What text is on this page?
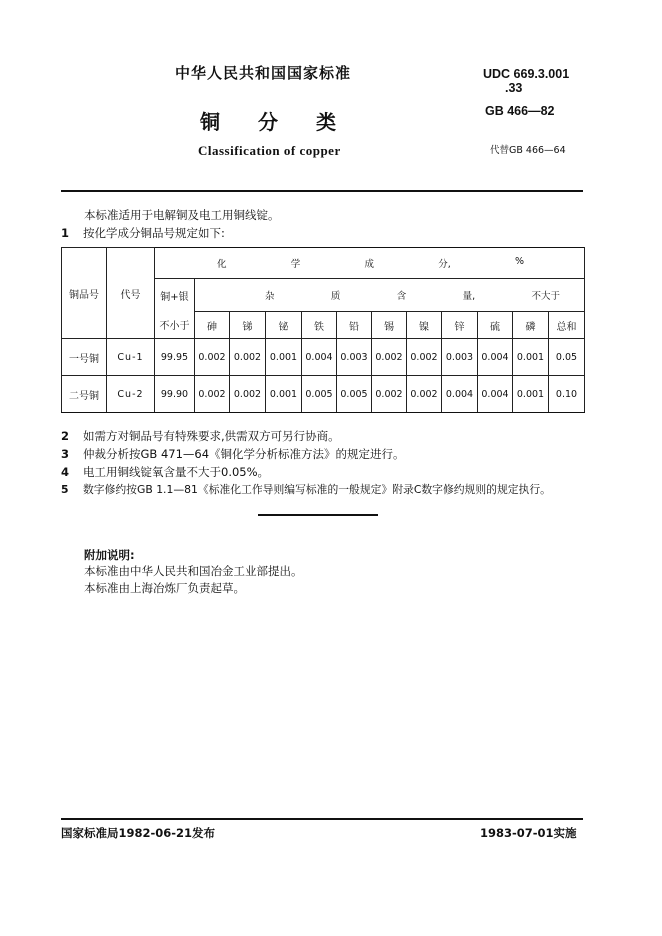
中华人民共和国国家标准
铜分类
Classification of copper
UDC 669.3.001
.33
GB 466—82
代替GB 466—64
本标准适用于电解铜及电工用铜线锭。
1 按化学成分铜品号规定如下:
铜品号	代号	化 学 成 分, %											

		铜+银	杂 质 含 量, 不大于										

		不小于	砷	锑	铋	铁	铅	锡	镍	锌	硫	磷	总和
一号铜	Cu-1	99.95	0.002	0.002	0.001	0.004	0.003	0.002	0.002	0.003	0.004	0.001	0.05
二号铜	Cu-2	99.90	0.002	0.002	0.001	0.005	0.005	0.002	0.002	0.004	0.004	0.001	0.10
2 如需方对铜品号有特殊要求,供需双方可另行协商。
3 仲裁分析按GB 471—64《铜化学分析标准方法》的规定进行。
4 电工用铜线锭氧含量不大于0.05%。
5 数字修约按GB 1.1—81《标准化工作导则编写标准的一般规定》附录C数字修约规则的规定执行。
附加说明:
本标准由中华人民共和国冶金工业部提出。
本标准由上海冶炼厂负责起草。
国家标准局1982-06-21发布	1983-07-01实施
